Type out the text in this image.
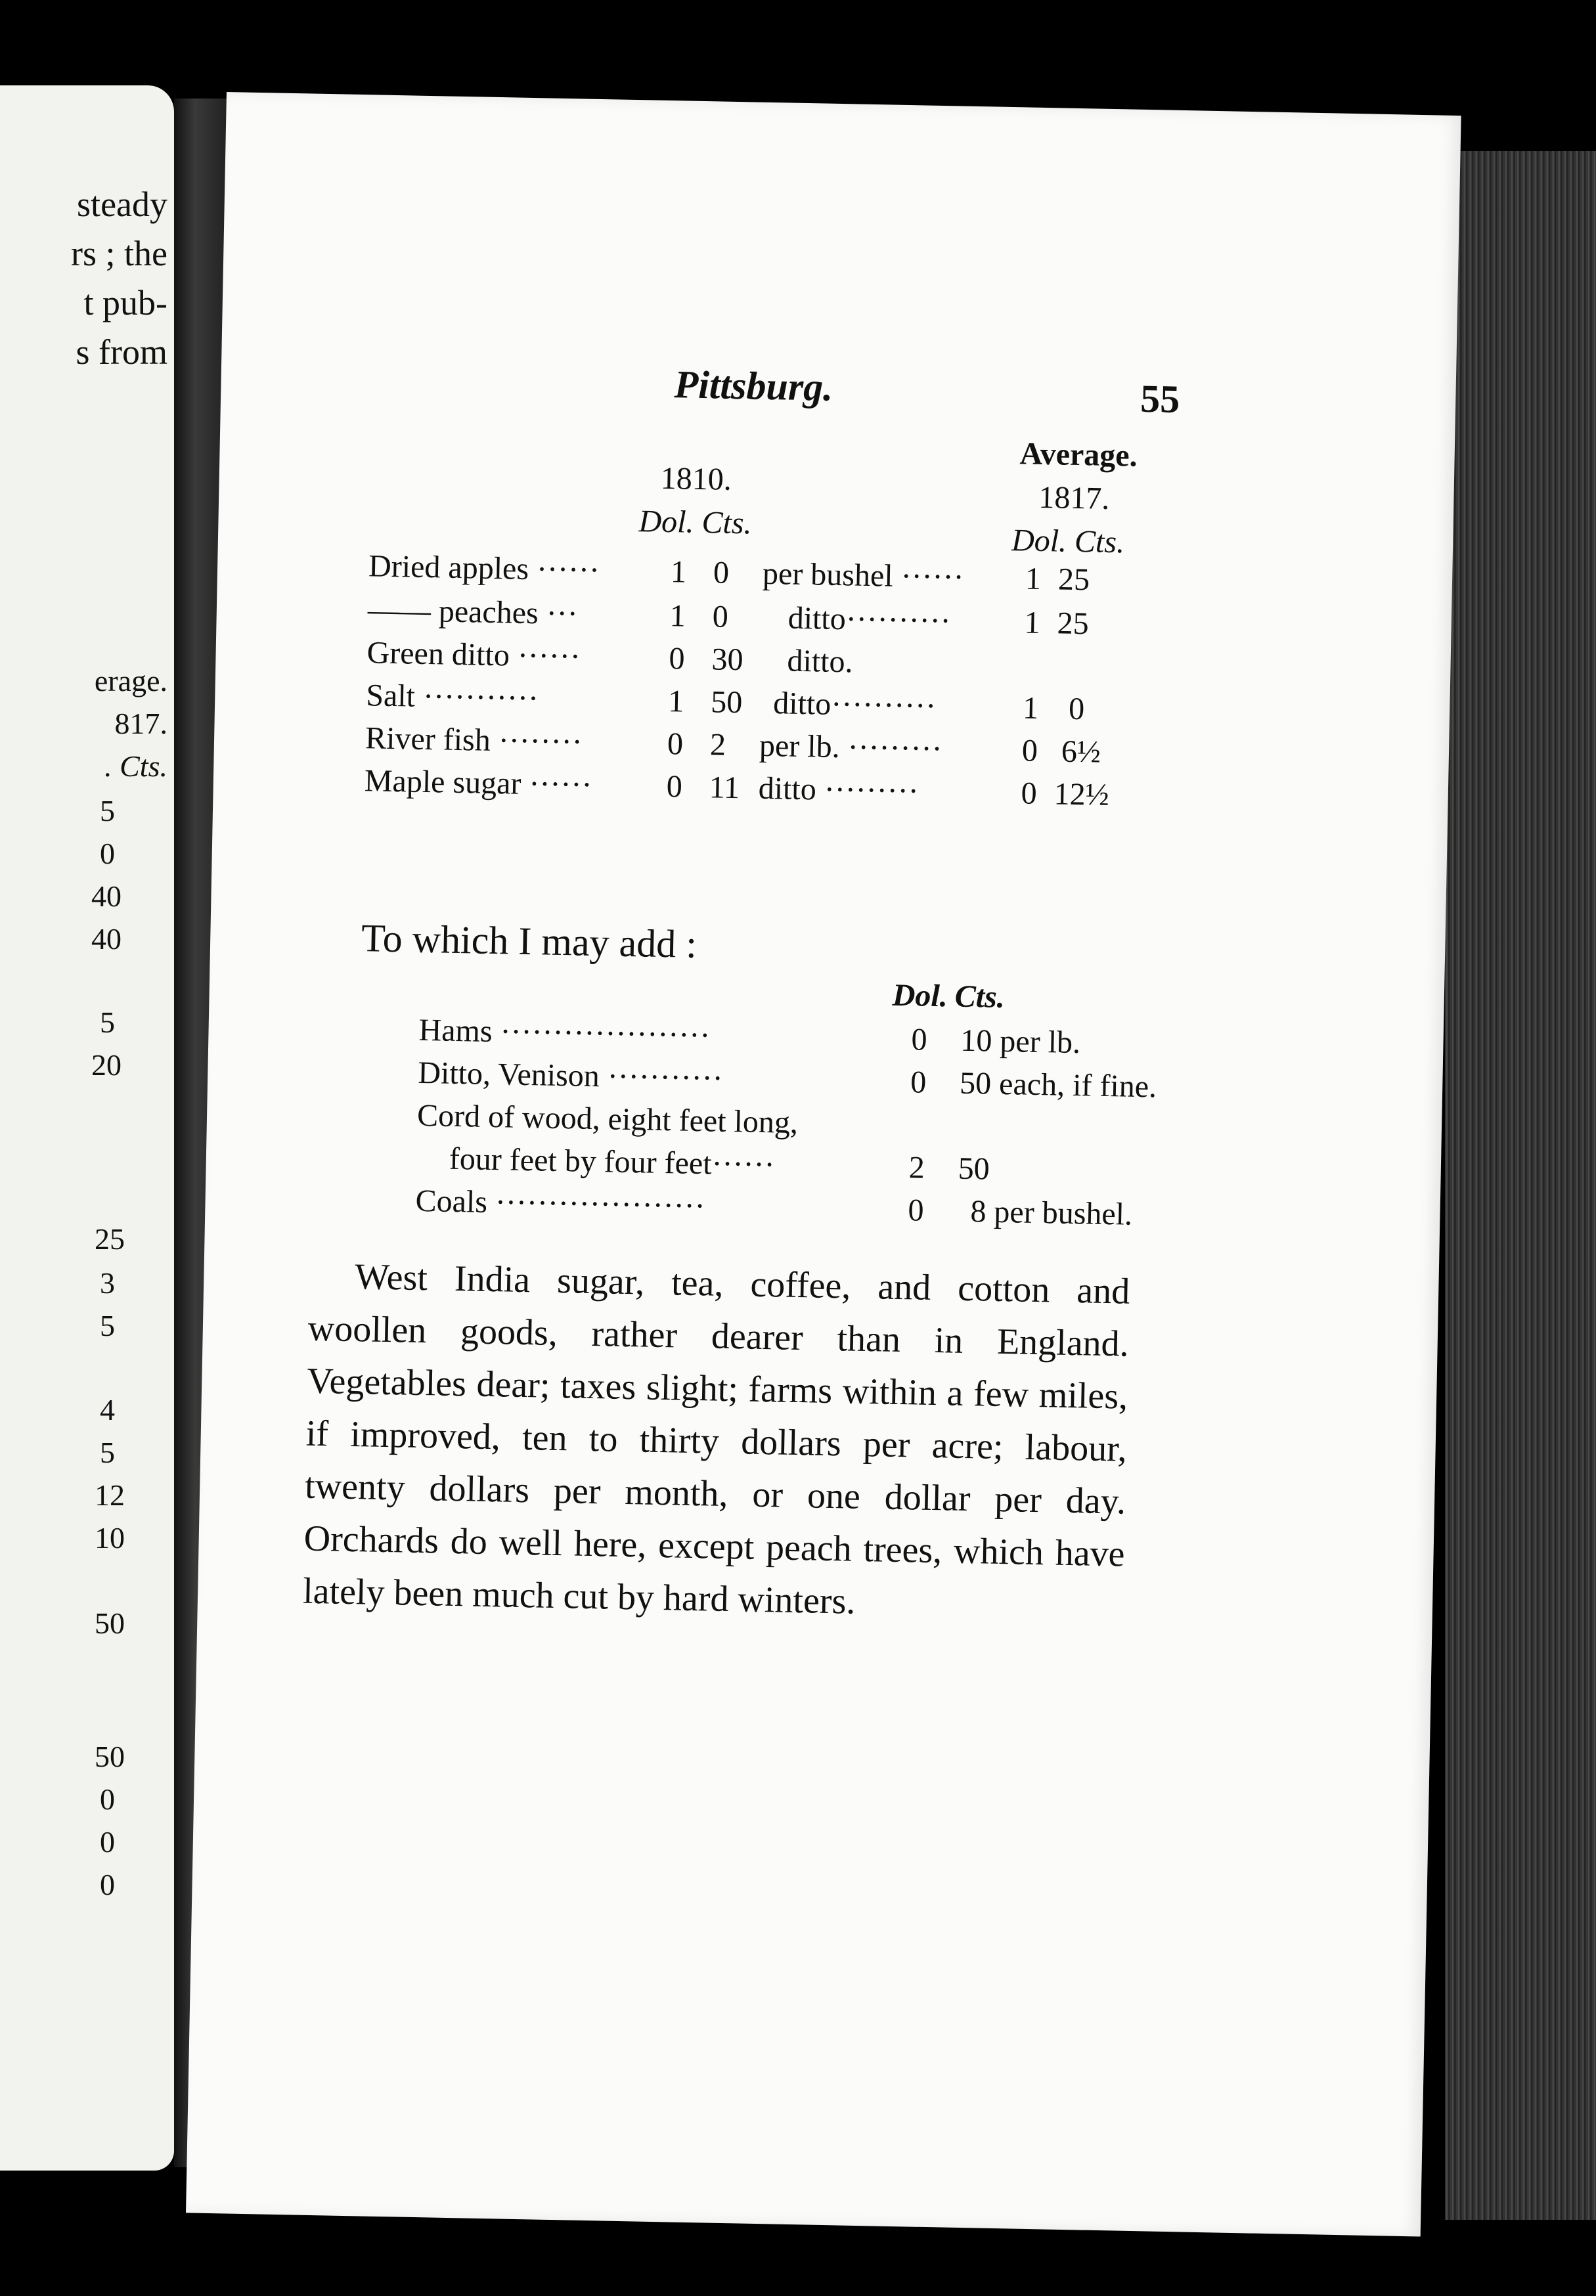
steady
rs ; the
t pub-
s from
erage.
817.
. Cts.
5
0
40
40
5
20
25
3
5
4
5
12
10
50
50
0
0
0
Pittsburg.	55
1810.
Dol. Cts.
Average.
1817.
Dol. Cts.
Dried apples ······ 1 0 per bushel ······ 1 25
—— peaches ···	1 0 ditto·········· 1 25
Green ditto ······	0 30 ditto.
Salt ···········	1 50 ditto··········	1 0
River fish ········	0 2 per lb. ·········	0 6½
Maple sugar ······ 0 11 ditto ·········	0 12½
To which I may add :
Dol. Cts.
Hams ····················	0 10 per lb.
Ditto, Venison ···········	0 50 each, if fine.
Cord of wood, eight feet long,
four feet by four feet······	2 50
Coals ····················	0 8 per bushel.

West India sugar, tea, coffee, and cotton and woollen goods, rather dearer than in England. Vegetables dear; taxes slight; farms within a few miles, if improved, ten to thirty dollars per acre; labour, twenty dollars per month, or one dollar per day. Orchards do well here, except peach trees, which have lately been much cut by hard winters.
